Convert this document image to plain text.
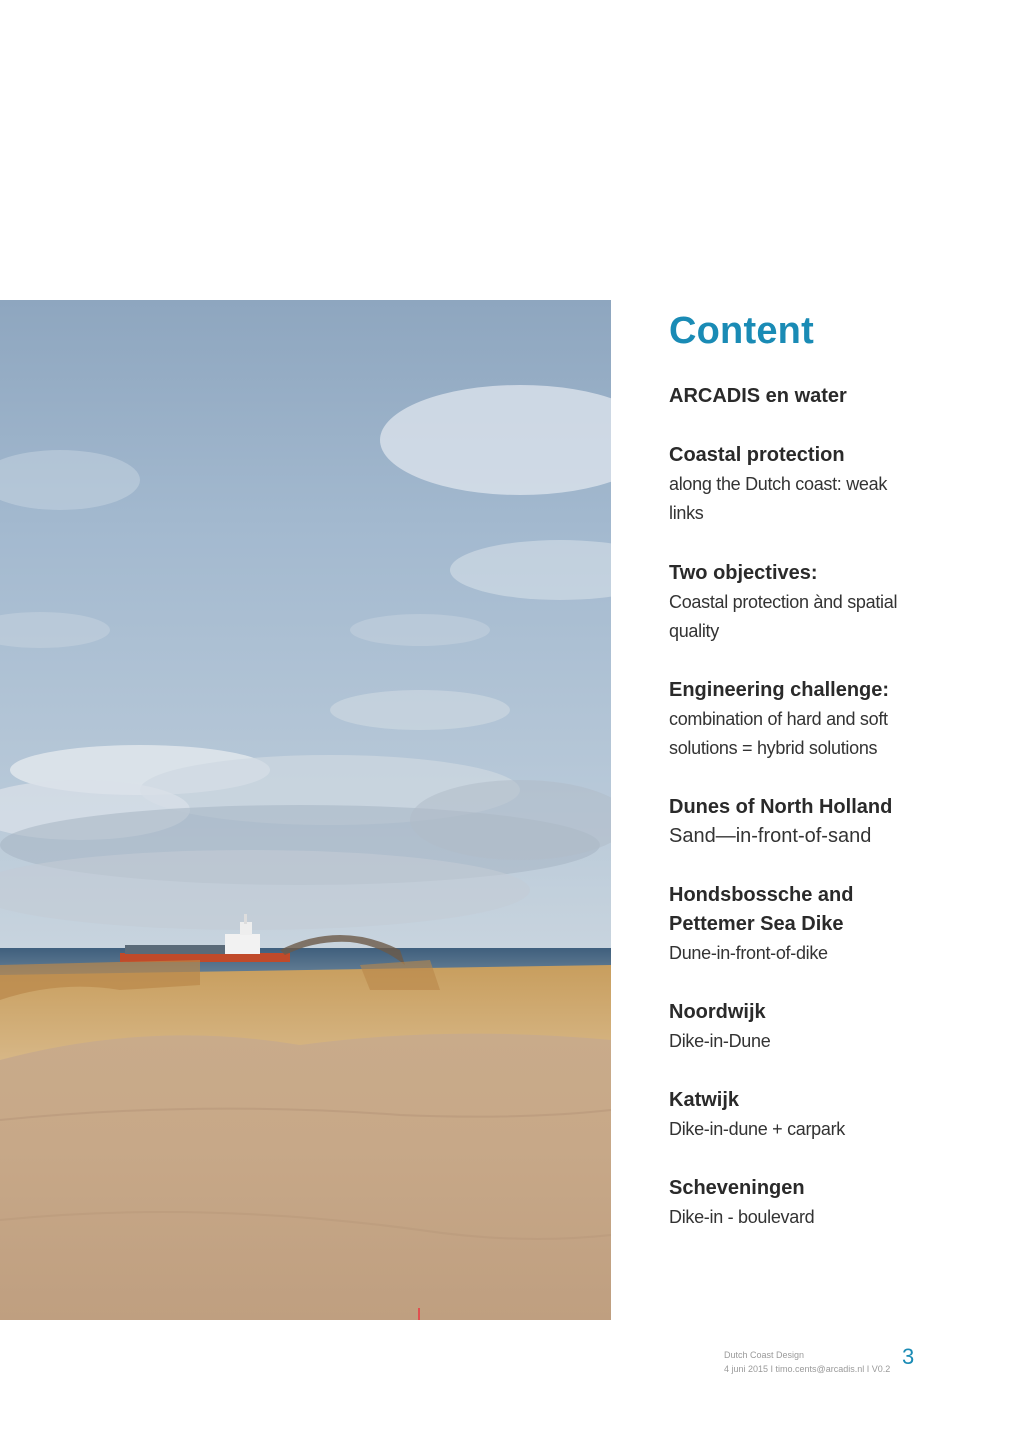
Content
ARCADIS en water
Coastal protection
along the Dutch coast: weak links
Two objectives:
Coastal protection ànd spatial quality
Engineering challenge:
combination of hard and soft solutions = hybrid solutions
Dunes of North Holland
Sand—in-front-of-sand
Hondsbossche and Pettemer Sea Dike
Dune-in-front-of-dike
Noordwijk
Dike-in-Dune
Katwijk
Dike-in-dune + carpark
Scheveningen
Dike-in - boulevard
Dutch Coast Design
4 juni 2015 I timo.cents@arcadis.nl I V0.2 3
